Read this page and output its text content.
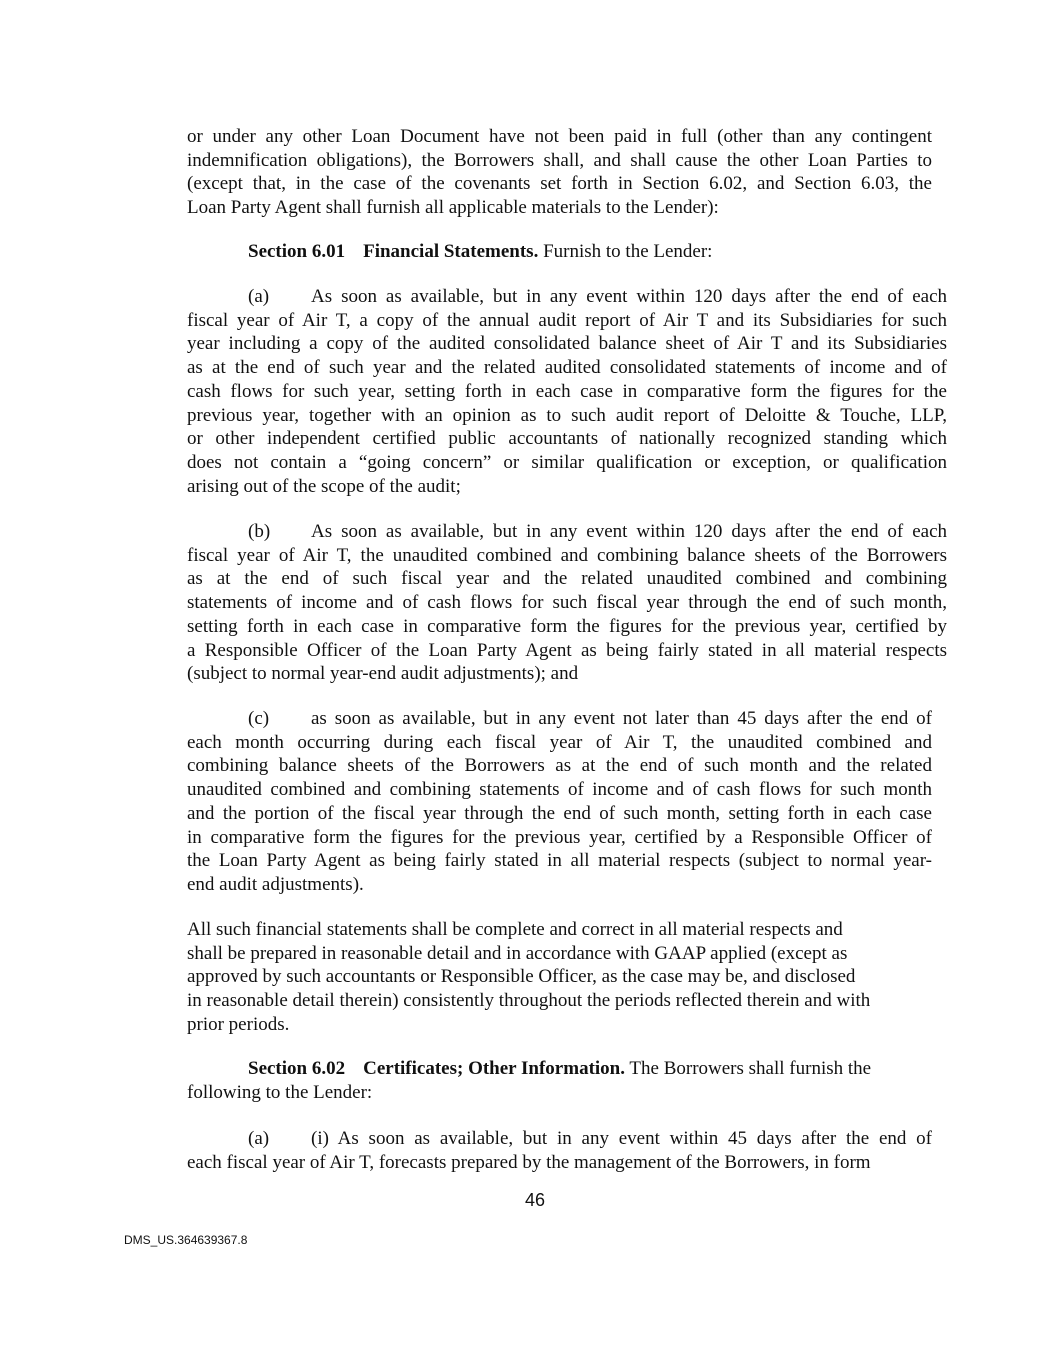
or under any other Loan Document have not been paid in full (other than any contingent
indemnification obligations), the Borrowers shall, and shall cause the other Loan Parties to
(except that, in the case of the covenants set forth in Section 6.02, and Section 6.03, the
Loan Party Agent shall furnish all applicable materials to the Lender):

Section 6.01 Financial Statements. Furnish to the Lender:

(a) As soon as available, but in any event within 120 days after the end of each
fiscal year of Air T, a copy of the annual audit report of Air T and its Subsidiaries for such
year including a copy of the audited consolidated balance sheet of Air T and its Subsidiaries
as at the end of such year and the related audited consolidated statements of income and of
cash flows for such year, setting forth in each case in comparative form the figures for the
previous year, together with an opinion as to such audit report of Deloitte & Touche, LLP,
or other independent certified public accountants of nationally recognized standing which
does not contain a “going concern” or similar qualification or exception, or qualification
arising out of the scope of the audit;

(b) As soon as available, but in any event within 120 days after the end of each
fiscal year of Air T, the unaudited combined and combining balance sheets of the Borrowers
as at the end of such fiscal year and the related unaudited combined and combining
statements of income and of cash flows for such fiscal year through the end of such month,
setting forth in each case in comparative form the figures for the previous year, certified by
a Responsible Officer of the Loan Party Agent as being fairly stated in all material respects
(subject to normal year-end audit adjustments); and

(c) as soon as available, but in any event not later than 45 days after the end of
each month occurring during each fiscal year of Air T, the unaudited combined and
combining balance sheets of the Borrowers as at the end of such month and the related
unaudited combined and combining statements of income and of cash flows for such month
and the portion of the fiscal year through the end of such month, setting forth in each case
in comparative form the figures for the previous year, certified by a Responsible Officer of
the Loan Party Agent as being fairly stated in all material respects (subject to normal year-
end audit adjustments).

All such financial statements shall be complete and correct in all material respects and
shall be prepared in reasonable detail and in accordance with GAAP applied (except as
approved by such accountants or Responsible Officer, as the case may be, and disclosed
in reasonable detail therein) consistently throughout the periods reflected therein and with
prior periods.

Section 6.02 Certificates; Other Information. The Borrowers shall furnish the
following to the Lender:

(a) (i) As soon as available, but in any event within 45 days after the end of
each fiscal year of Air T, forecasts prepared by the management of the Borrowers, in form

46
DMS_US.364639367.8
